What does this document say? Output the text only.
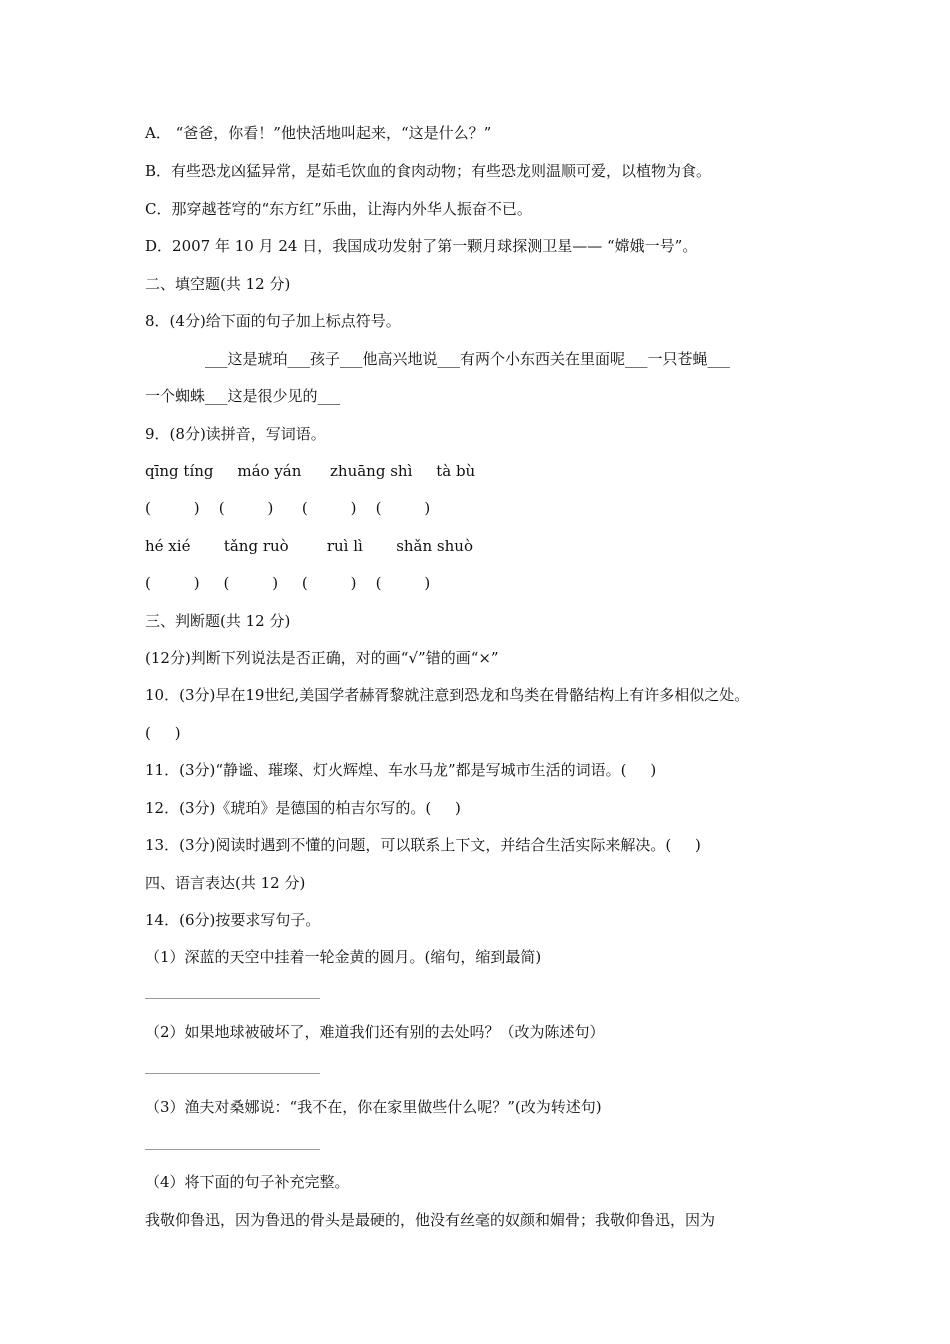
A． “爸爸，你看！”他快活地叫起来，“这是什么？”
B．有些恐龙凶猛异常，是茹毛饮血的食肉动物；有些恐龙则温顺可爱，以植物为食。
C．那穿越苍穹的“东方红”乐曲，让海内外华人振奋不已。
D．2007 年 10 月 24 日，我国成功发射了第一颗月球探测卫星—— “嫦娥一号”。
二、填空题(共 12 分)
8．(4分)给下面的句子加上标点符号。
___这是琥珀___孩子___他高兴地说___有两个小东西关在里面呢___一只苍蝇___
一个蜘蛛___这是很少见的___
9．(8分)读拼音，写词语。
qīng tíng     máo yán      zhuāng shì     tà bù
(         )    (         )      (         )    (         )
hé xié       tǎng ruò        ruì lì       shǎn shuò
(         )     (         )     (         )    (         )
三、判断题(共 12 分)
(12分)判断下列说法是否正确，对的画“√”错的画“×”
10．(3分)早在19世纪,美国学者赫胥黎就注意到恐龙和鸟类在骨骼结构上有许多相似之处。
(     )
11．(3分)“静谧、璀璨、灯火辉煌、车水马龙”都是写城市生活的词语。(     )
12．(3分)《琥珀》是德国的柏吉尔写的。(     )
13．(3分)阅读时遇到不懂的问题，可以联系上下文，并结合生活实际来解决。(     )
四、语言表达(共 12 分)
14．(6分)按要求写句子。
（1）深蓝的天空中挂着一轮金黄的圆月。(缩句，缩到最简)
（2）如果地球被破坏了，难道我们还有别的去处吗？（改为陈述句）
（3）渔夫对桑娜说：“我不在，你在家里做些什么呢？”(改为转述句)
（4）将下面的句子补充完整。
我敬仰鲁迅，因为鲁迅的骨头是最硬的，他没有丝毫的奴颜和媚骨；我敬仰鲁迅，因为
